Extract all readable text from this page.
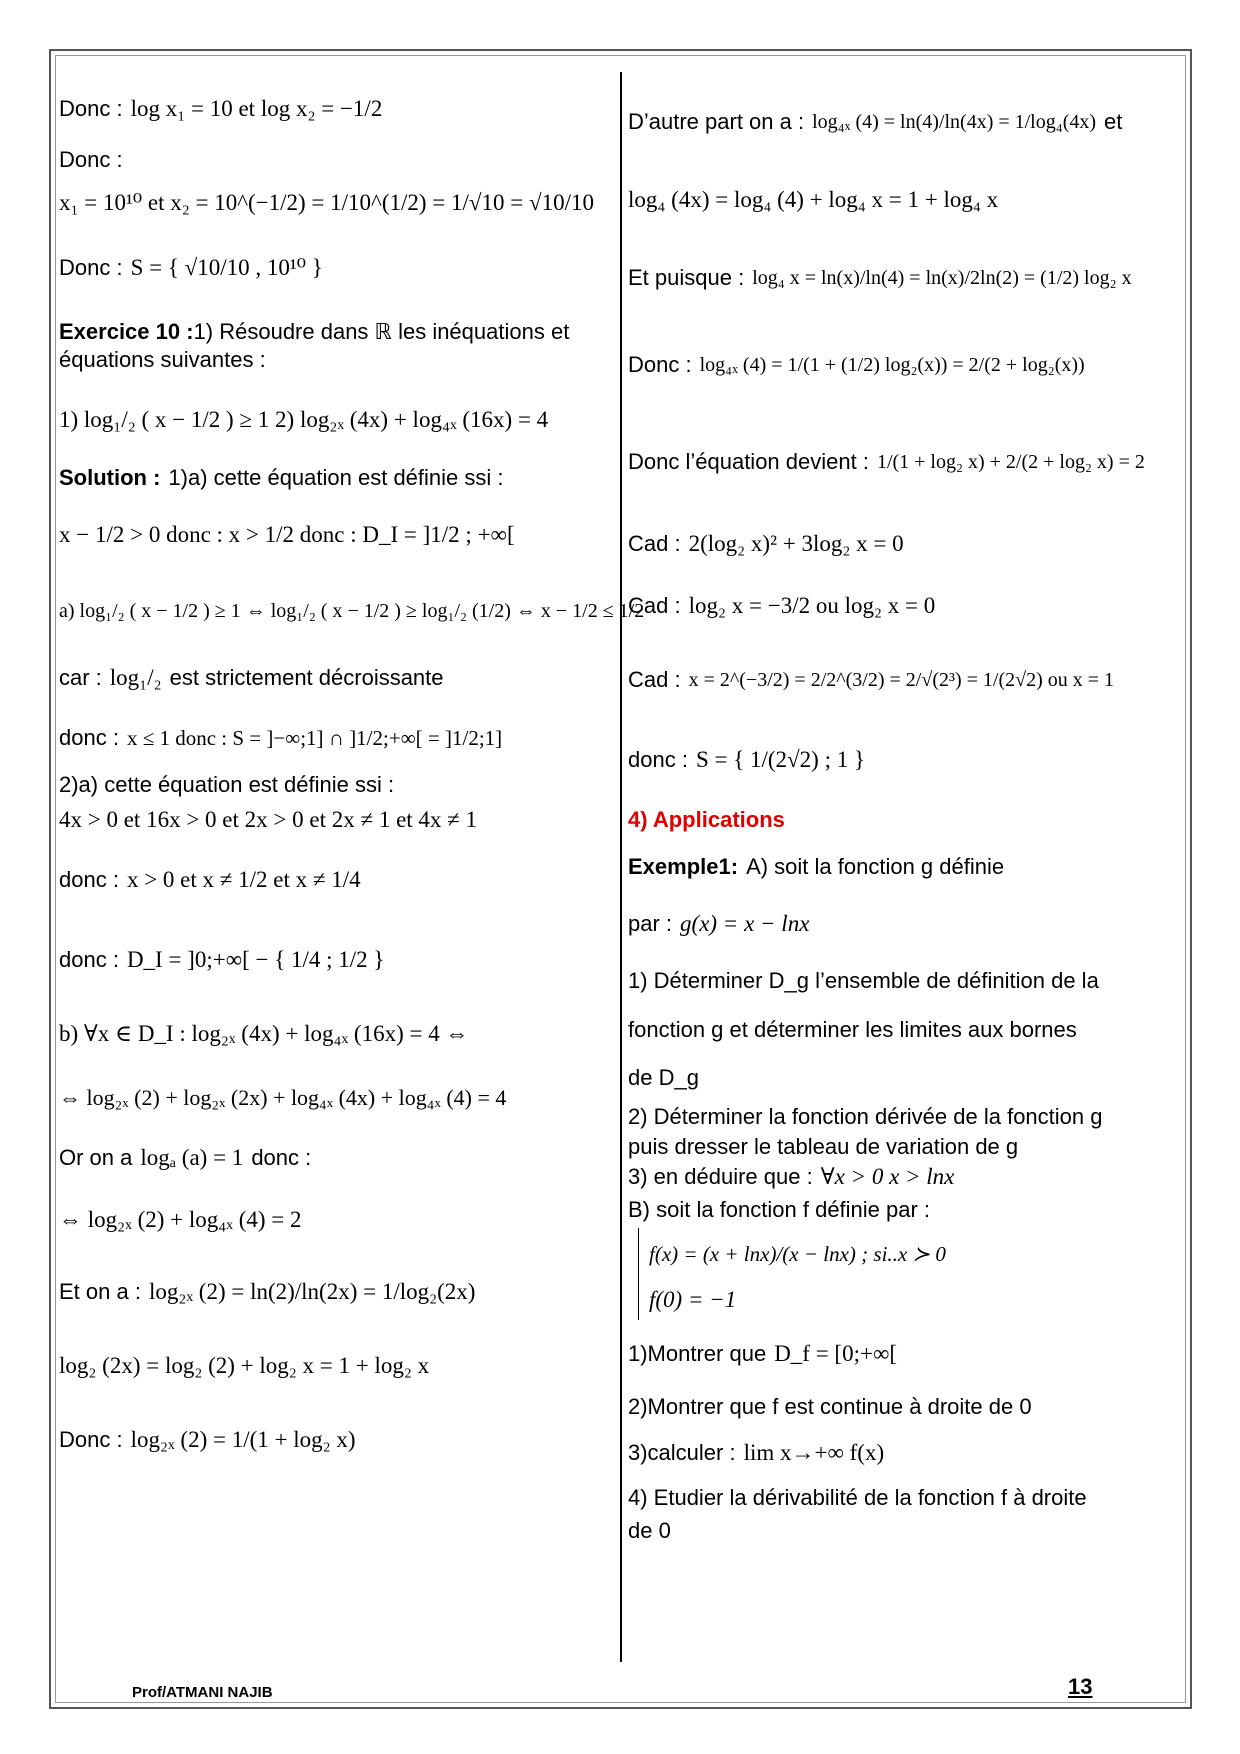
Donc : log x₁ = 10 et log x₂ = −1/2
Donc :
x₁ = 10¹⁰ et x₂ = 10^(−1/2) = 1/10^(1/2) = 1/√10 = √10/10
Donc : S = { √10/10 , 10¹⁰ }
Exercice 10 :1) Résoudre dans ℝ les inéquations et équations suivantes :
1) log₁/₂ ( x − 1/2 ) ≥ 1 2) log₂ₓ (4x) + log₄ₓ (16x) = 4
Solution : 1)a) cette équation est définie ssi :
x − 1/2 > 0 donc : x > 1/2 donc : D_I = ]1/2 ; +∞[
a) log₁/₂ ( x − 1/2 ) ≥ 1 ⇔ log₁/₂ ( x − 1/2 ) ≥ log₁/₂ (1/2) ⇔ x − 1/2 ≤ 1/2
car : log₁/₂ est strictement décroissante
donc : x ≤ 1 donc : S = ]−∞;1] ∩ ]1/2;+∞[ = ]1/2;1]
2)a) cette équation est définie ssi :
4x > 0 et 16x > 0 et 2x > 0 et 2x ≠ 1 et 4x ≠ 1
donc : x > 0 et x ≠ 1/2 et x ≠ 1/4
donc : D_I = ]0;+∞[ − { 1/4 ; 1/2 }
b) ∀x ∈ D_I : log₂ₓ (4x) + log₄ₓ (16x) = 4 ⇔
⇔ log₂ₓ (2) + log₂ₓ (2x) + log₄ₓ (4x) + log₄ₓ (4) = 4
Or on a logₐ (a) = 1 donc :
⇔ log₂ₓ (2) + log₄ₓ (4) = 2
Et on a : log₂ₓ (2) = ln(2)/ln(2x) = 1/log₂(2x)
log₂ (2x) = log₂ (2) + log₂ x = 1 + log₂ x
Donc : log₂ₓ (2) = 1/(1 + log₂ x)
D’autre part on a : log₄ₓ (4) = ln(4)/ln(4x) = 1/log₄(4x) et
log₄ (4x) = log₄ (4) + log₄ x = 1 + log₄ x
Et puisque : log₄ x = ln(x)/ln(4) = ln(x)/2ln(2) = (1/2) log₂ x
Donc : log₄ₓ (4) = 1/(1 + (1/2) log₂(x)) = 2/(2 + log₂(x))
Donc l’équation devient : 1/(1 + log₂ x) + 2/(2 + log₂ x) = 2
Cad : 2(log₂ x)² + 3log₂ x = 0
Cad : log₂ x = −3/2 ou log₂ x = 0
Cad : x = 2^(−3/2) = 2/2^(3/2) = 2/√(2³) = 1/(2√2) ou x = 1
donc : S = { 1/(2√2) ; 1 }
4) Applications
Exemple1: A) soit la fonction g définie
par : g(x) = x − lnx
1) Déterminer D_g l’ensemble de définition de la
fonction g et déterminer les limites aux bornes
de D_g
2) Déterminer la fonction dérivée de la fonction g
puis dresser le tableau de variation de g
3) en déduire que : ∀x > 0 x > lnx
B) soit la fonction f définie par :
f(x) = (x + lnx)/(x − lnx) ; si..x ≻ 0
f(0) = −1
1)Montrer que D_f = [0;+∞[
2)Montrer que f est continue à droite de 0
3)calculer : lim x→+∞ f(x)
4) Etudier la dérivabilité de la fonction f à droite
de 0
Prof/ATMANI NAJIB	13
